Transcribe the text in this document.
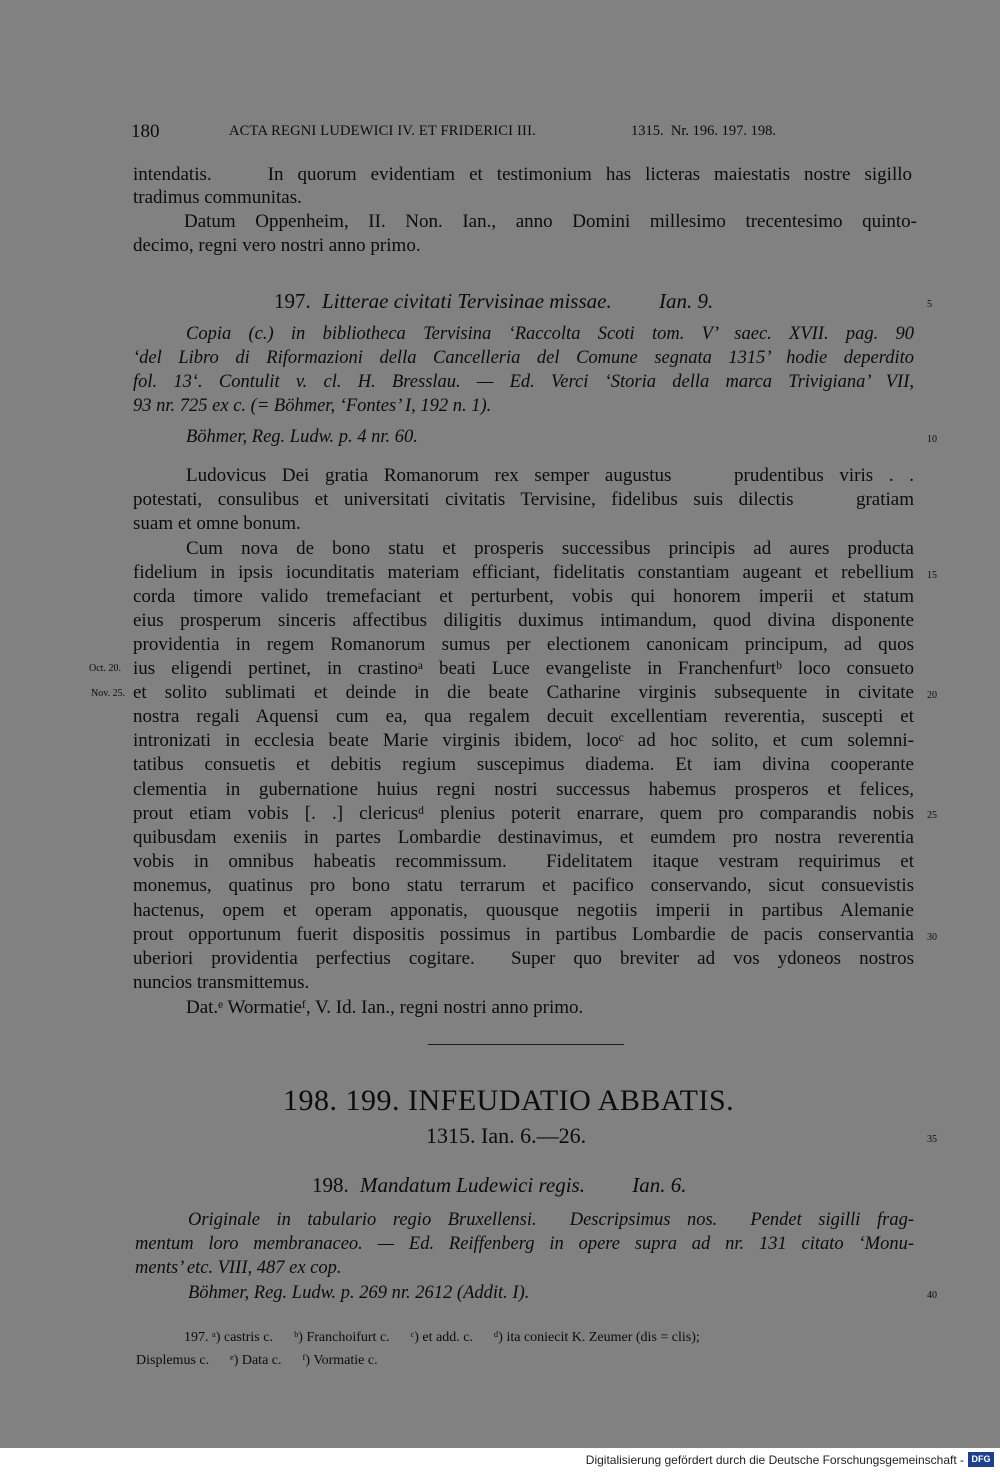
180	ACTA REGNI LUDEWICI IV. ET FRIDERICI III.	1315.  Nr. 196. 197. 198.
intendatis.    In quorum evidentiam et testimonium has licteras maiestatis nostre sigillo
tradimus communitas.
Datum Oppenheim, II. Non. Ian., anno Domini millesimo trecentesimo quinto-
decimo, regni vero nostri anno primo.
197. Litterae civitati Tervisinae missae. Ian. 9.	5
Copia (c.) in bibliotheca Tervisina ‘Raccolta Scoti tom. V’ saec. XVII. pag. 90
‘del Libro di Riformazioni della Cancelleria del Comune segnata 1315’ hodie deperdito
fol. 13‘. Contulit v. cl. H. Bresslau. — Ed. Verci ‘Storia della marca Trivigiana’ VII,
93 nr. 725 ex c. (= Böhmer, ‘Fontes’ I, 192 n. 1).
Böhmer, Reg. Ludw. p. 4 nr. 60.	10
Ludovicus Dei gratia Romanorum rex semper augustus    prudentibus viris . .
potestati, consulibus et universitati civitatis Tervisine, fidelibus suis dilectis    gratiam
suam et omne bonum.
Cum nova de bono statu et prosperis successibus principis ad aures producta
fidelium in ipsis iocunditatis materiam efficiant, fidelitatis constantiam augeant et rebellium 15
corda timore valido tremefaciant et perturbent, vobis qui honorem imperii et statum
eius prosperum sinceris affectibus diligitis duximus intimandum, quod divina disponente
providentia in regem Romanorum sumus per electionem canonicam principum, ad quos
Oct. 20. ius eligendi pertinet, in crastinoᵃ beati Luce evangeliste in Franchenfurtᵇ loco consueto
Nov. 25. et solito sublimati et deinde in die beate Catharine virginis subsequente in civitate 20
nostra regali Aquensi cum ea, qua regalem decuit excellentiam reverentia, suscepti et
intronizati in ecclesia beate Marie virginis ibidem, locoᶜ ad hoc solito, et cum solemni-
tatibus consuetis et debitis regium suscepimus diadema. Et iam divina cooperante
clementia in gubernatione huius regni nostri successus habemus prosperos et felices,
prout etiam vobis [. .] clericusᵈ plenius poterit enarrare, quem pro comparandis nobis 25
quibusdam exeniis in partes Lombardie destinavimus, et eumdem pro nostra reverentia
vobis in omnibus habeatis recommissum.  Fidelitatem itaque vestram requirimus et
monemus, quatinus pro bono statu terrarum et pacifico conservando, sicut consuevistis
hactenus, opem et operam apponatis, quousque negotiis imperii in partibus Alemanie
prout opportunum fuerit dispositis possimus in partibus Lombardie de pacis conservantia 30
uberiori providentia perfectius cogitare.  Super quo breviter ad vos ydoneos nostros
nuncios transmittemus.
Dat.ᵉ Wormatieᶠ, V. Id. Ian., regni nostri anno primo.
198. 199. INFEUDATIO ABBATIS.
1315. Ian. 6.—26.	35
198. Mandatum Ludewici regis. Ian. 6.
Originale in tabulario regio Bruxellensi.  Descripsimus nos.  Pendet sigilli frag-
mentum loro membranaceo. — Ed. Reiffenberg in opere supra ad nr. 131 citato ‘Monu-
ments’ etc. VIII, 487 ex cop.
Böhmer, Reg. Ludw. p. 269 nr. 2612 (Addit. I).	40
197. ᵃ) castris c.      ᵇ) Franchoifurt c.      ᶜ) et add. c.      ᵈ) ita coniecit K. Zeumer (dis = clis);
Displemus c.      ᵉ) Data c.      ᶠ) Vormatie c.
Digitalisierung gefördert durch die Deutsche Forschungsgemeinschaft - DFG
